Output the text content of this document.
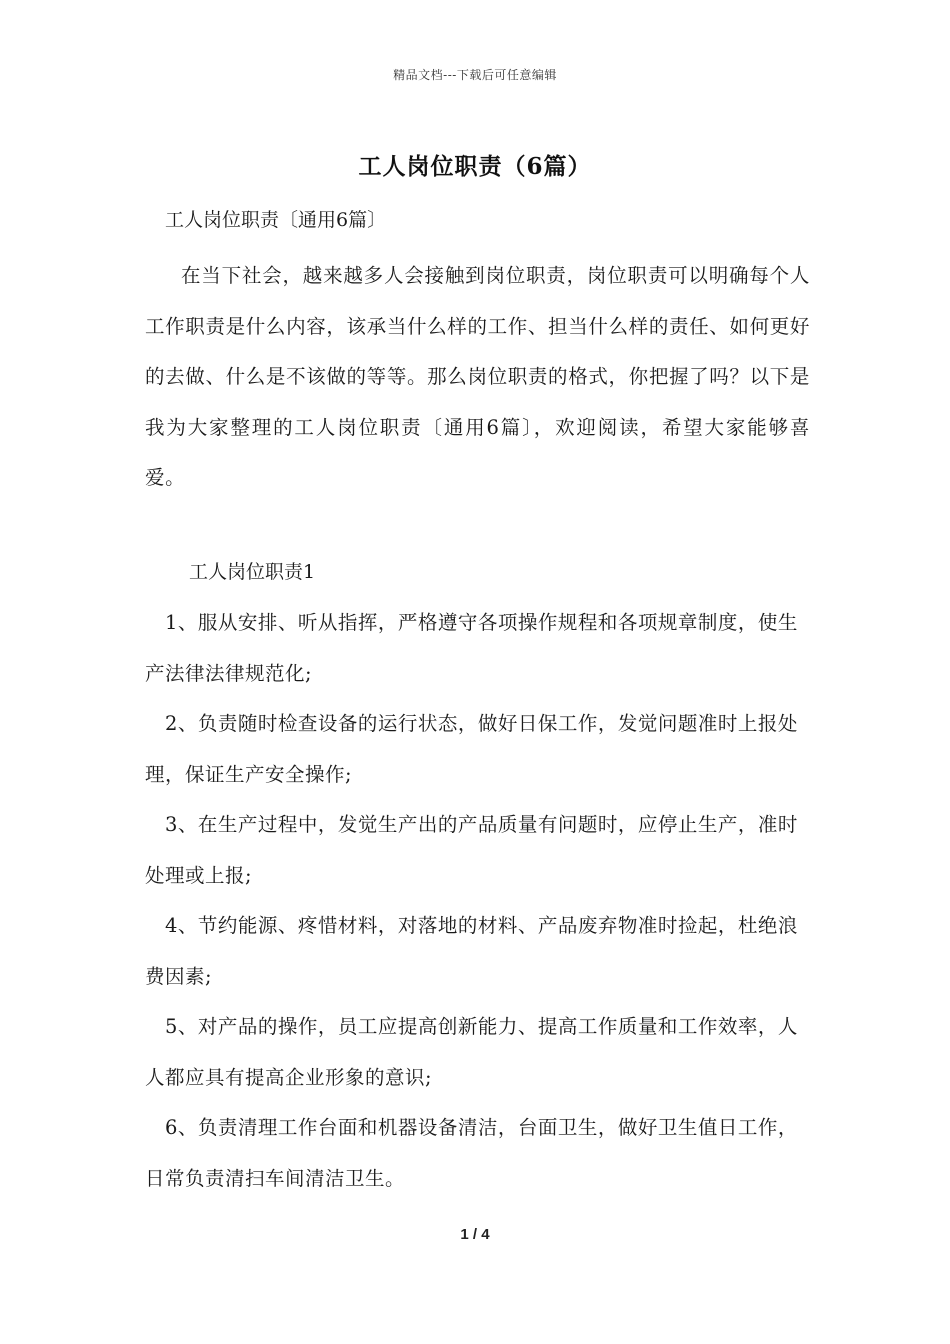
精品文档---下载后可任意编辑
工人岗位职责（6篇）
工人岗位职责〔通用6篇〕
在当下社会，越来越多人会接触到岗位职责，岗位职责可以明确每个人工作职责是什么内容，该承当什么样的工作、担当什么样的责任、如何更好的去做、什么是不该做的等等。那么岗位职责的格式，你把握了吗？以下是我为大家整理的工人岗位职责〔通用6篇〕，欢迎阅读，希望大家能够喜爱。
工人岗位职责1

1、服从安排、听从指挥，严格遵守各项操作规程和各项规章制度，使生产法律法律规范化;

2、负责随时检查设备的运行状态，做好日保工作，发觉问题准时上报处理，保证生产安全操作;

3、在生产过程中，发觉生产出的产品质量有问题时，应停止生产，准时处理或上报;

4、节约能源、疼惜材料，对落地的材料、产品废弃物准时捡起，杜绝浪费因素;

5、对产品的操作，员工应提高创新能力、提高工作质量和工作效率，人人都应具有提高企业形象的意识;

6、负责清理工作台面和机器设备清洁，台面卫生，做好卫生值日工作，日常负责清扫车间清洁卫生。

1 / 4
